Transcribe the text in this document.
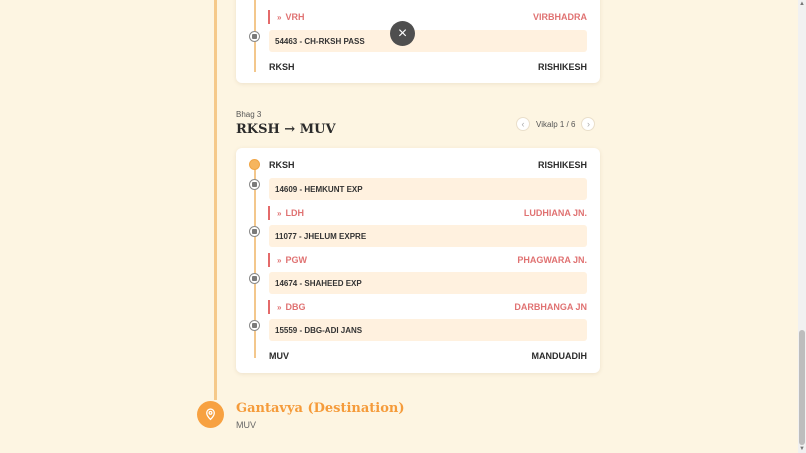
» VRH	VIRBHADRA
54463 - CH-RKSH PASS
RKSH	RISHIKESH
×
Bhag 3
RKSH → MUV	‹ Vikalp 1 / 6 ›
RKSH	RISHIKESH
14609 - HEMKUNT EXP
» LDH	LUDHIANA JN.
11077 - JHELUM EXPRE
» PGW	PHAGWARA JN.
14674 - SHAHEED EXP
» DBG	DARBHANGA JN
15559 - DBG-ADI JANS
MUV	MANDUADIH
Gantavya (Destination)
MUV
▲
▼
